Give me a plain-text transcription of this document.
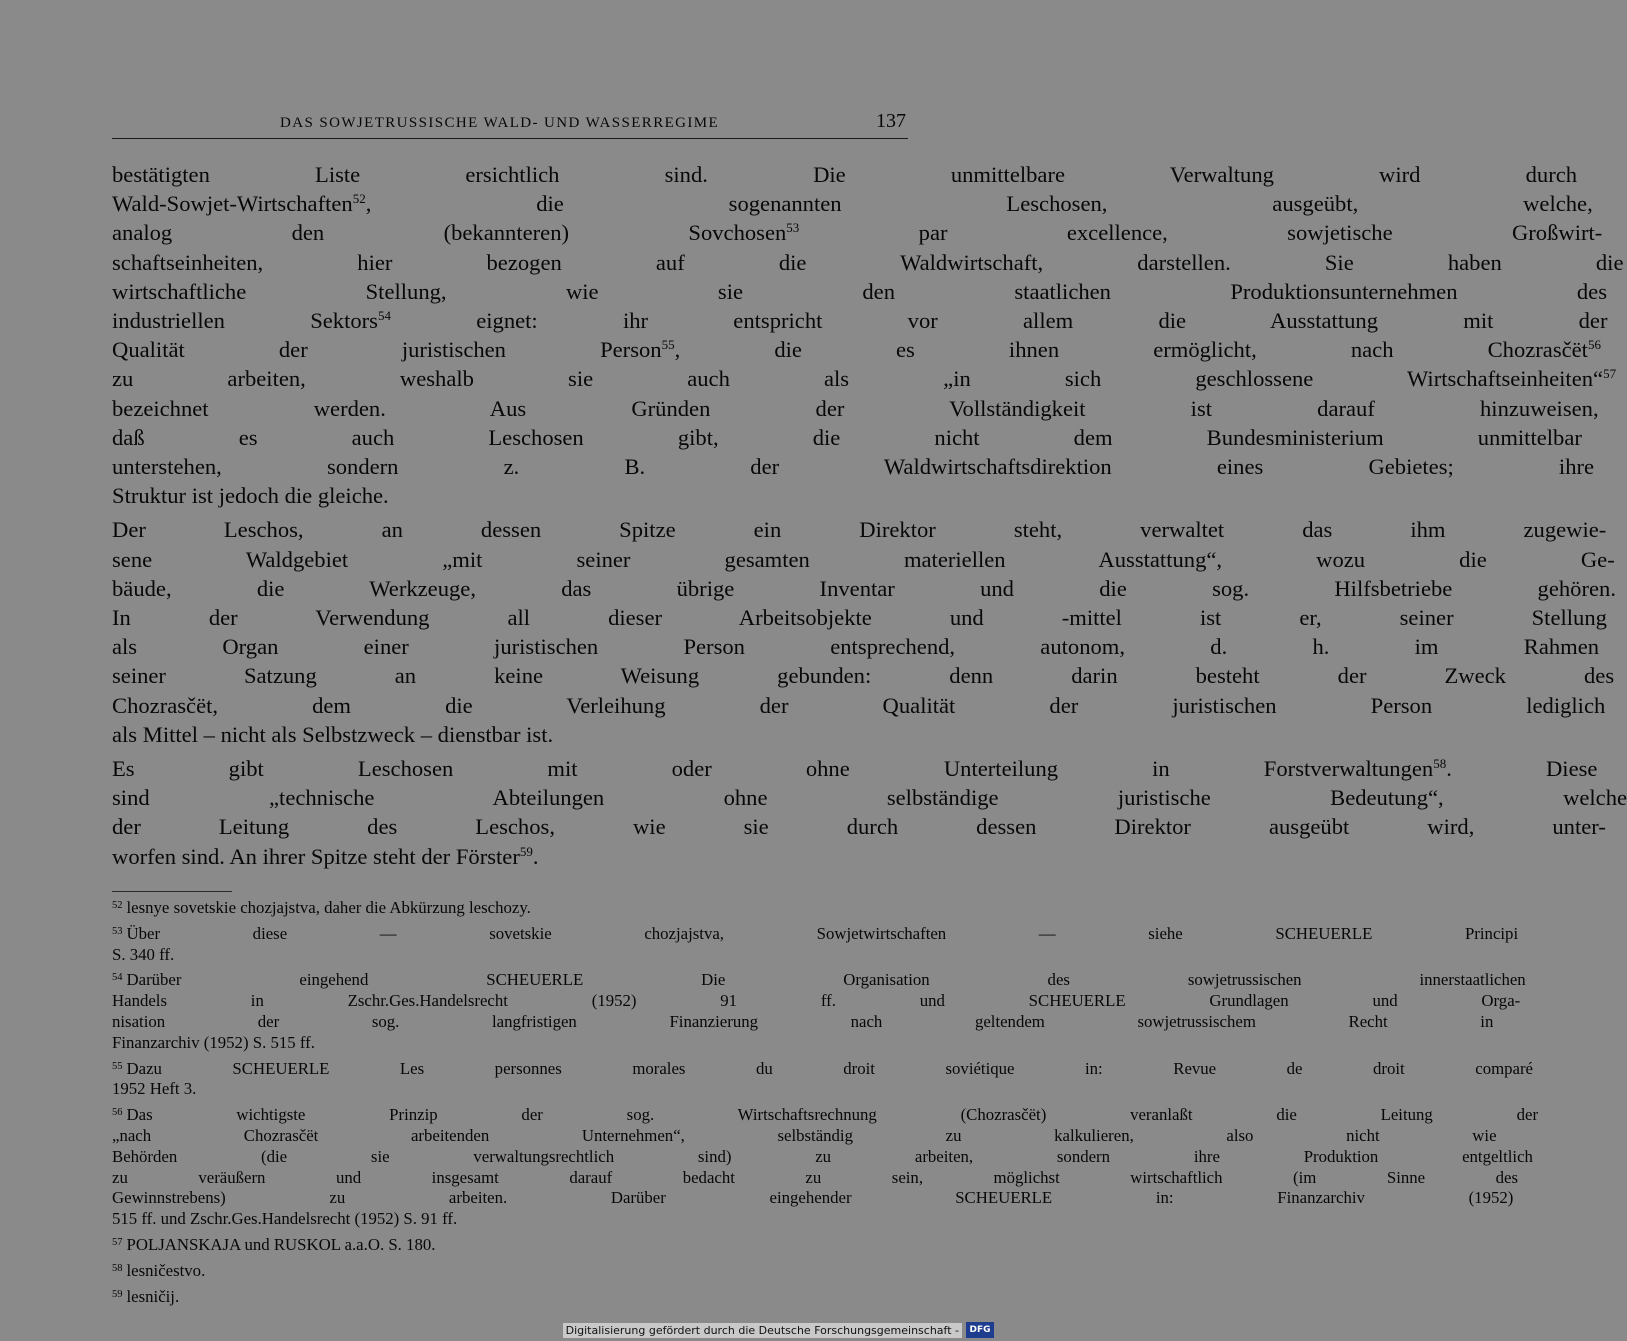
DAS SOWJETRUSSISCHE WALD- UND WASSERREGIME	137

bestätigten Liste ersichtlich sind. Die unmittelbare Verwaltung wird durch
Wald-Sowjet-Wirtschaften$^{52}$, die sogenannten Leschosen, ausgeübt, welche,
analog den (bekannteren) Sovchosen$^{53}$ par excellence, sowjetische Großwirt-
schaftseinheiten, hier bezogen auf die Waldwirtschaft, darstellen. Sie haben die
wirtschaftliche Stellung, wie sie den staatlichen Produktionsunternehmen des
industriellen Sektors$^{54}$ eignet: ihr entspricht vor allem die Ausstattung mit der
Qualität der juristischen Person$^{55}$, die es ihnen ermöglicht, nach Chozrasčët$^{56}$
zu arbeiten, weshalb sie auch als „in sich geschlossene Wirtschaftseinheiten“$^{57}$
bezeichnet werden. Aus Gründen der Vollständigkeit ist darauf hinzuweisen,
daß es auch Leschosen gibt, die nicht dem Bundesministerium unmittelbar
unterstehen, sondern z. B. der Waldwirtschaftsdirektion eines Gebietes; ihre
Struktur ist jedoch die gleiche.

Der Leschos, an dessen Spitze ein Direktor steht, verwaltet das ihm zugewie-
sene Waldgebiet „mit seiner gesamten materiellen Ausstattung“, wozu die Ge-
bäude, die Werkzeuge, das übrige Inventar und die sog. Hilfsbetriebe gehören.
In der Verwendung all dieser Arbeitsobjekte und -mittel ist er, seiner Stellung
als Organ einer juristischen Person entsprechend, autonom, d. h. im Rahmen
seiner Satzung an keine Weisung gebunden: denn darin besteht der Zweck des
Chozrasčët, dem die Verleihung der Qualität der juristischen Person lediglich
als Mittel – nicht als Selbstzweck – dienstbar ist.

Es gibt Leschosen mit oder ohne Unterteilung in Forstverwaltungen$^{58}$. Diese
sind „technische Abteilungen ohne selbständige juristische Bedeutung“, welche
der Leitung des Leschos, wie sie durch dessen Direktor ausgeübt wird, unter-
worfen sind. An ihrer Spitze steht der Förster$^{59}$.

$^{52}$ lesnye sovetskie chozjajstva, daher die Abkürzung leschozy.
$^{53}$ Über diese — sovetskie chozjajstva, Sowjetwirtschaften — siehe SCHEUERLE Principi
S. 340 ff.
$^{54}$ Darüber eingehend SCHEUERLE Die Organisation des sowjetrussischen innerstaatlichen
Handels in Zschr.Ges.Handelsrecht (1952) 91 ff. und SCHEUERLE Grundlagen und Orga-
nisation der sog. langfristigen Finanzierung nach geltendem sowjetrussischem Recht in
Finanzarchiv (1952) S. 515 ff.
$^{55}$ Dazu SCHEUERLE Les personnes morales du droit soviétique in: Revue de droit comparé
1952 Heft 3.
$^{56}$ Das wichtigste Prinzip der sog. Wirtschaftsrechnung (Chozrasčët) veranlaßt die Leitung der
„nach Chozrasčët arbeitenden Unternehmen“, selbständig zu kalkulieren, also nicht wie
Behörden (die sie verwaltungsrechtlich sind) zu arbeiten, sondern ihre Produktion entgeltlich
zu veräußern und insgesamt darauf bedacht zu sein, möglichst wirtschaftlich (im Sinne des
Gewinnstrebens) zu arbeiten. Darüber eingehender SCHEUERLE in: Finanzarchiv (1952)
515 ff. und Zschr.Ges.Handelsrecht (1952) S. 91 ff.
$^{57}$ POLJANSKAJA und RUSKOL a.a.O. S. 180.
$^{58}$ lesničestvo.
$^{59}$ lesničij.
Digitalisierung gefördert durch die Deutsche Forschungsgemeinschaft -	DFG
